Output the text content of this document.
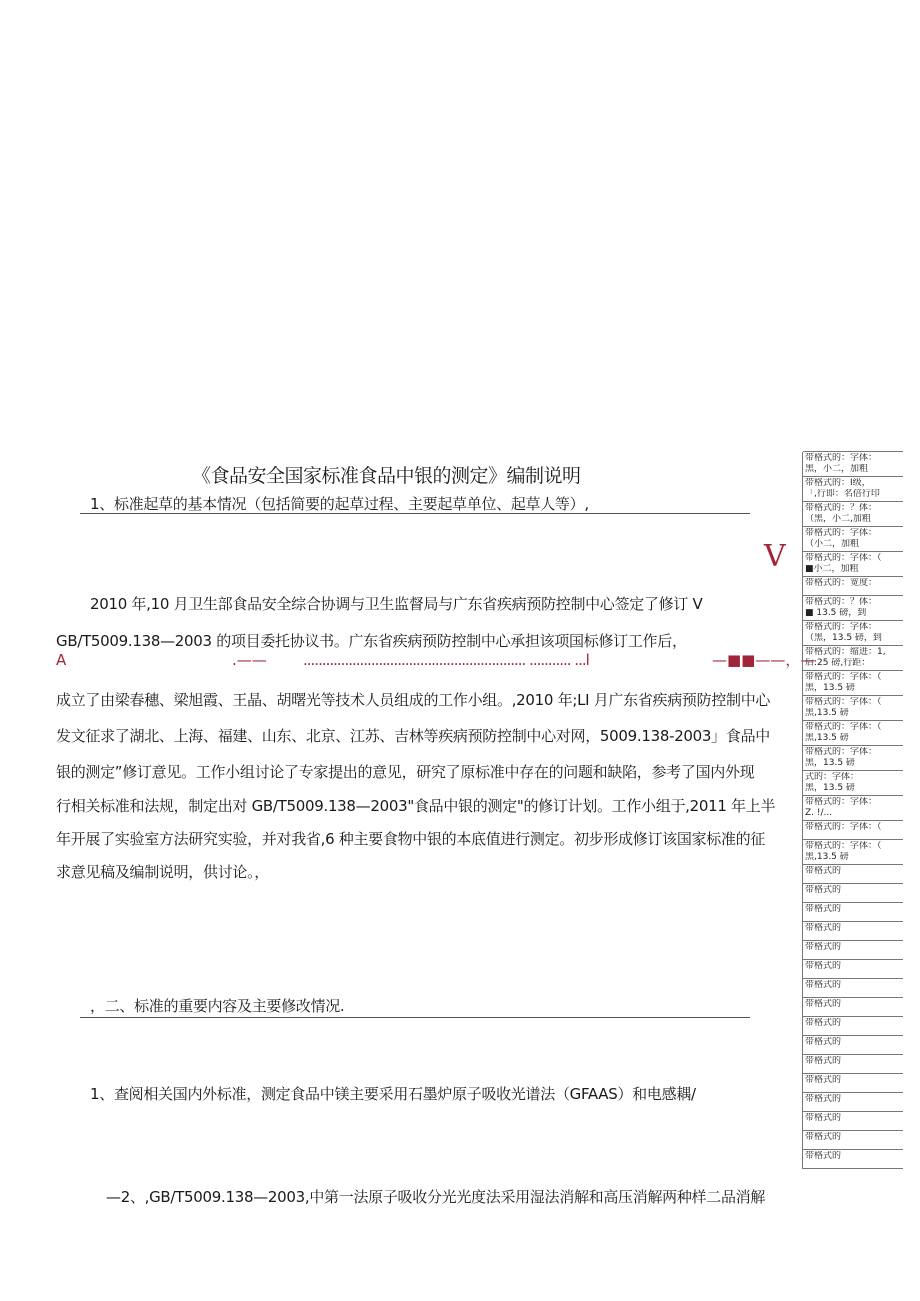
《食品安全国家标准食品中银的测定》编制说明
1、标准起草的基本情况（包括简要的起草过程、主要起草单位、起草人等）,
V
2010 年,10 月卫生部食品安全综合协调与卫生监督局与广东省疾病预防控制中心签定了修订 V
GB/T5009.138—2003 的项目委托协议书。广东省疾病预防控制中心承担该项国标修订工作后，
A	.—— ........................................................... ........... ...l	—■■——，—
成立了由梁春穗、梁旭霞、王晶、胡曙光等技术人员组成的工作小组。,2010 年;LI 月广东省疾病预防控制中心
发文征求了湖北、上海、福建、山东、北京、江苏、吉林等疾病预防控制中心对网，5009.138-2003」食品中
银的测定”修订意见。工作小组讨论了专家提出的意见，研究了原标准中存在的问题和缺陷，参考了国内外现
行相关标准和法规，制定出对 GB/T5009.138—2003"食品中银的测定"的修订计划。工作小组于,2011 年上半
年开展了实验室方法研究实验，并对我省,6 种主要食物中银的本底值进行测定。初步形成修订该国家标准的征
求意见稿及编制说明，供讨论。，
，二、标准的重要内容及主要修改情况.
1、查阅相关国内外标准，测定食品中镁主要采用石墨炉原子吸收光谱法（GFAAS）和电感耦/
—2、,GB/T5009.138—2003,中第一法原子吸收分光光度法采用湿法消解和高压消解两种样二品消解
带格式的：字体：
黑，小二，加粗
带格式的：Ⅰ级，
「,行即：名倍行印
带格式的：？体：
（黑，小二,加粗
带格式的：字体：
（小二，加粗
带格式的：字体：（
■小二，加粗
带格式的：宽度：
带格式的：？体：
■ 13.5 磅，到
带格式的：字体：
（黑，13.5 磅，到
带格式的：缩进：1,
后:25 磅,行距：
带格式的：字体：（
黑，13.5 磅
带格式的：字体：（
黑,13.5 磅
带格式的：字体：（
黑,13.5 磅
带格式的：字体：
黑，13.5 磅
式的：字体：
黑，13.5 磅
带格式的：字体：
Z. !/...
带格式的：字体：（
带格式的：字体：（
黑,13.5 磅
带格式的
带格式的
带格式的
带格式的
带格式的
带格式的
带格式的
带格式的
带格式的
带格式的
带格式的
带格式的
带格式的
带格式的
带格式的
带格式的
